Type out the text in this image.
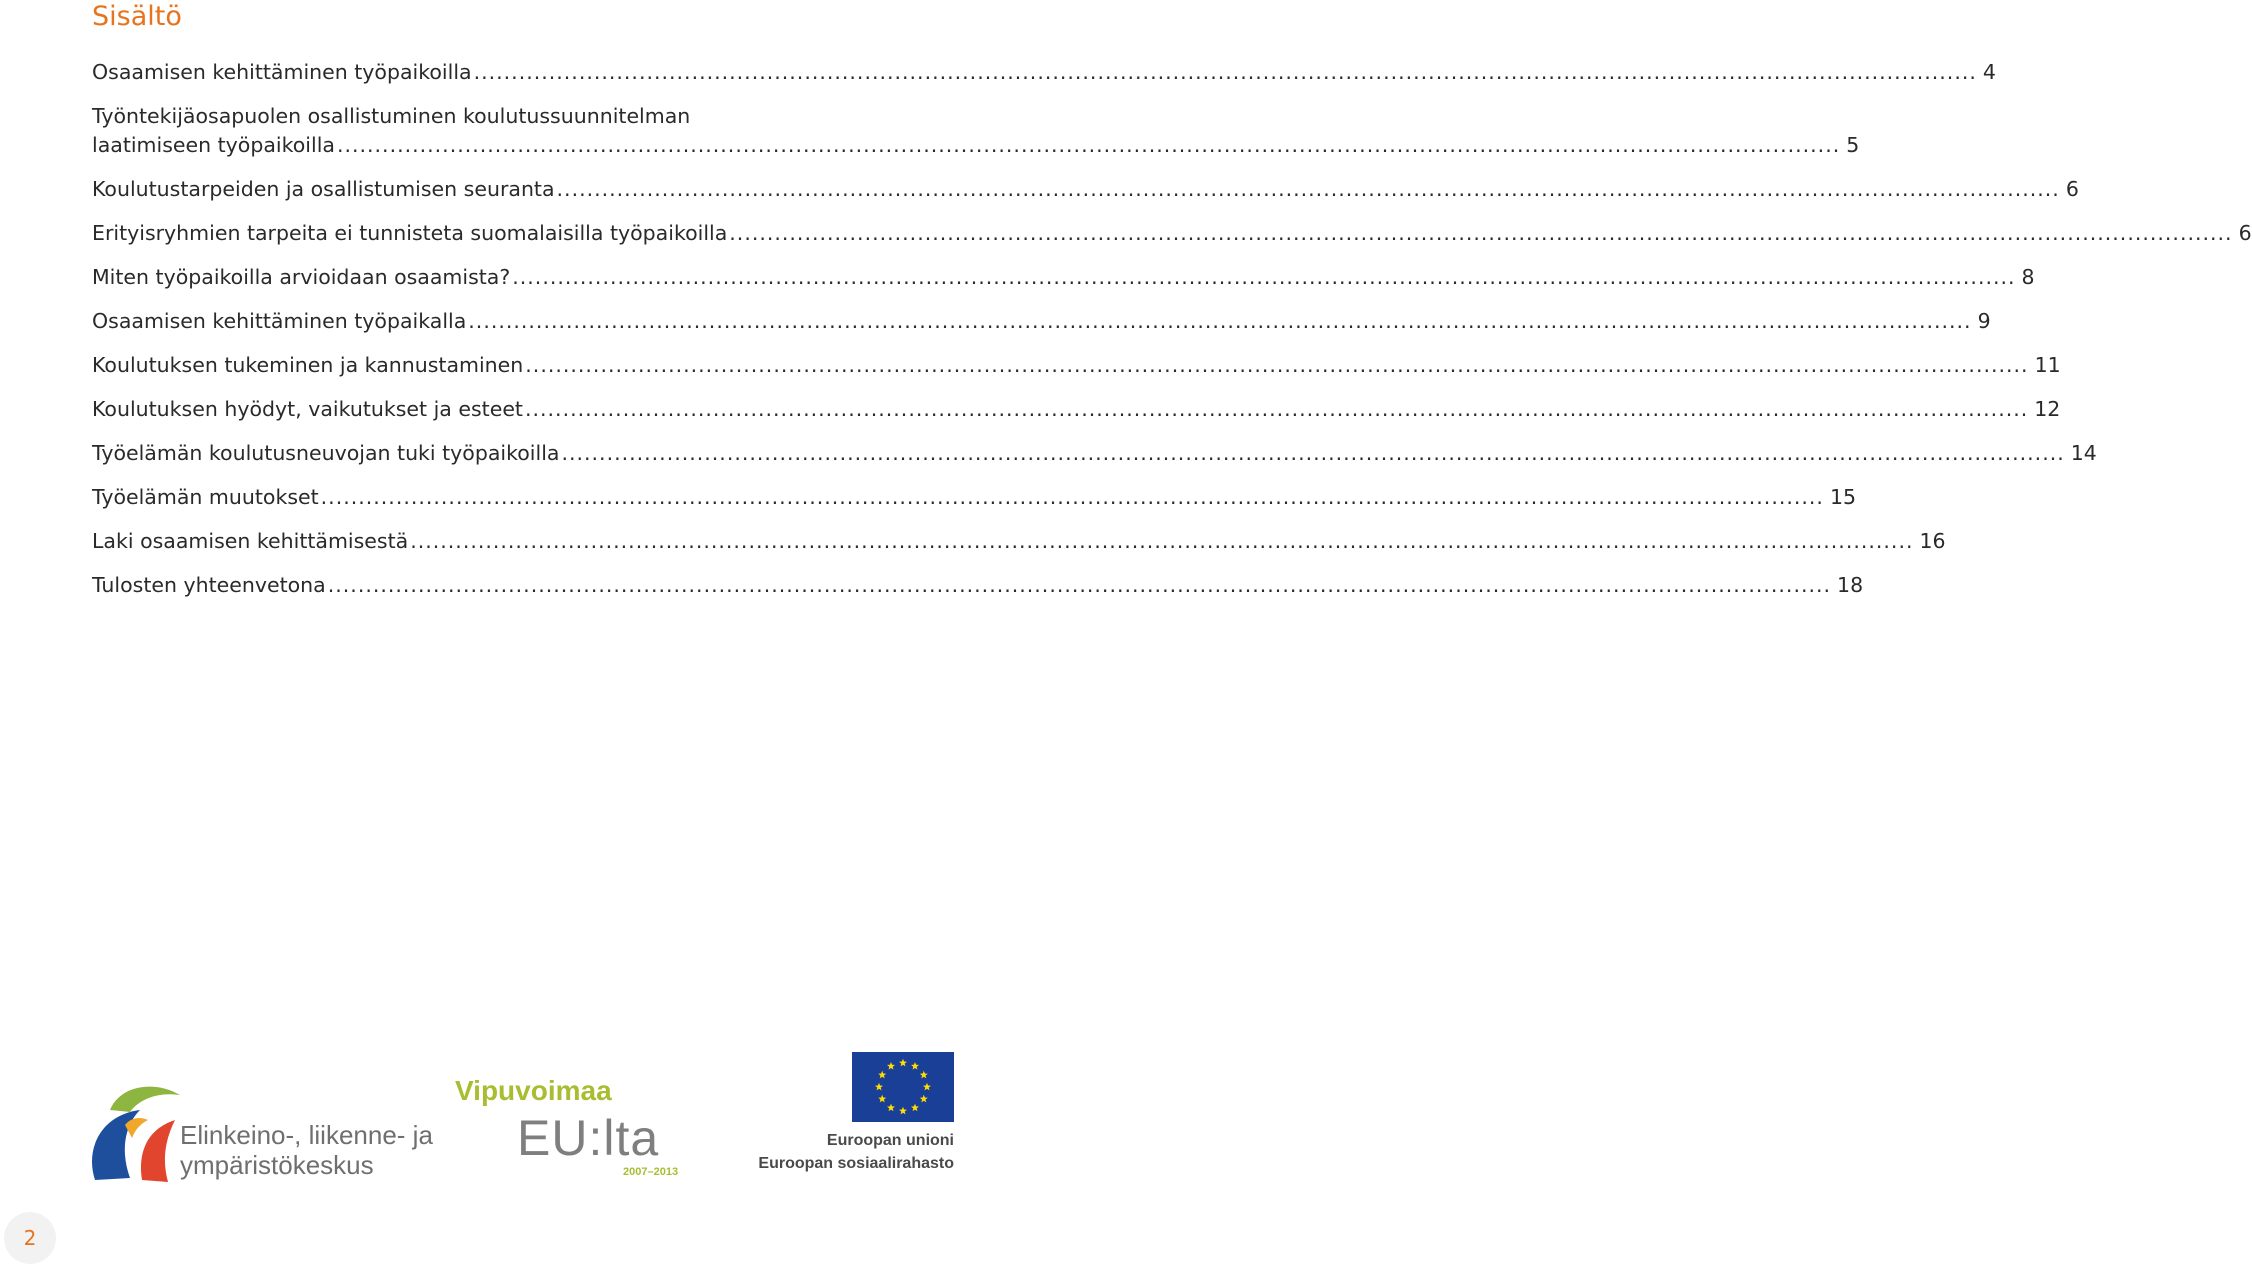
Sisältö
Osaamisen kehittäminen työpaikoilla ........................................................................................................................................................................................................ 4
Työntekijäosapuolen osallistuminen koulutussuunnitelman
laatimiseen työpaikoilla ........................................................................................................................................................................................................ 5
Koulutustarpeiden ja osallistumisen seuranta ........................................................................................................................................................................................................ 6
Erityisryhmien tarpeita ei tunnisteta suomalaisilla työpaikoilla ........................................................................................................................................................................................................ 6
Miten työpaikoilla arvioidaan osaamista? ........................................................................................................................................................................................................ 8
Osaamisen kehittäminen työpaikalla ........................................................................................................................................................................................................ 9
Koulutuksen tukeminen ja kannustaminen ........................................................................................................................................................................................................ 11
Koulutuksen hyödyt, vaikutukset ja esteet ........................................................................................................................................................................................................ 12
Työelämän koulutusneuvojan tuki työpaikoilla ........................................................................................................................................................................................................ 14
Työelämän muutokset ........................................................................................................................................................................................................ 15
Laki osaamisen kehittämisestä ........................................................................................................................................................................................................ 16
Tulosten yhteenvetona ........................................................................................................................................................................................................ 18
Elinkeino-, liikenne- ja
ympäristökeskus
Vipuvoimaa
EU:lta
2007–2013
Euroopan unioni
Euroopan sosiaalirahasto
2
